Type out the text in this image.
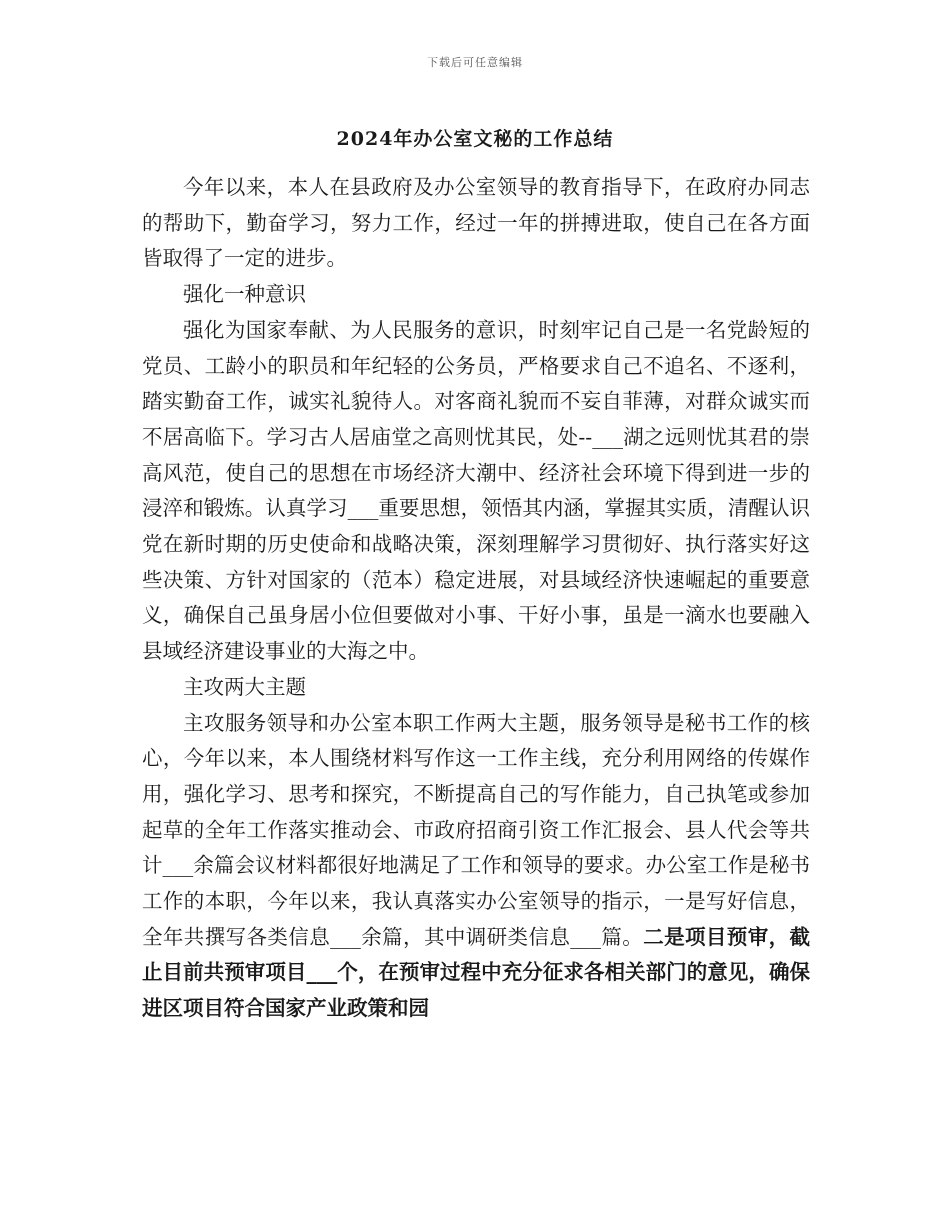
下载后可任意编辑
2024年办公室文秘的工作总结

今年以来，本人在县政府及办公室领导的教育指导下，在政府办同志的帮助下，勤奋学习，努力工作，经过一年的拼搏进取，使自己在各方面皆取得了一定的进步。

强化一种意识

强化为国家奉献、为人民服务的意识，时刻牢记自己是一名党龄短的党员、工龄小的职员和年纪轻的公务员，严格要求自己不追名、不逐利，踏实勤奋工作，诚实礼貌待人。对客商礼貌而不妄自菲薄，对群众诚实而不居高临下。学习古人居庙堂之高则忧其民，处--___湖之远则忧其君的崇高风范，使自己的思想在市场经济大潮中、经济社会环境下得到进一步的浸淬和锻炼。认真学习___重要思想，领悟其内涵，掌握其实质，清醒认识党在新时期的历史使命和战略决策，深刻理解学习贯彻好、执行落实好这些决策、方针对国家的（范本）稳定进展，对县域经济快速崛起的重要意义，确保自己虽身居小位但要做对小事、干好小事，虽是一滴水也要融入县域经济建设事业的大海之中。

主攻两大主题

主攻服务领导和办公室本职工作两大主题，服务领导是秘书工作的核心，今年以来，本人围绕材料写作这一工作主线，充分利用网络的传媒作用，强化学习、思考和探究，不断提高自己的写作能力，自己执笔或参加起草的全年工作落实推动会、市政府招商引资工作汇报会、县人代会等共计___余篇会议材料都很好地满足了工作和领导的要求。办公室工作是秘书工作的本职，今年以来，我认真落实办公室领导的指示，一是写好信息，全年共撰写各类信息___余篇，其中调研类信息___篇。二是项目预审，截止目前共预审项目___个，在预审过程中充分征求各相关部门的意见，确保进区项目符合国家产业政策和园
